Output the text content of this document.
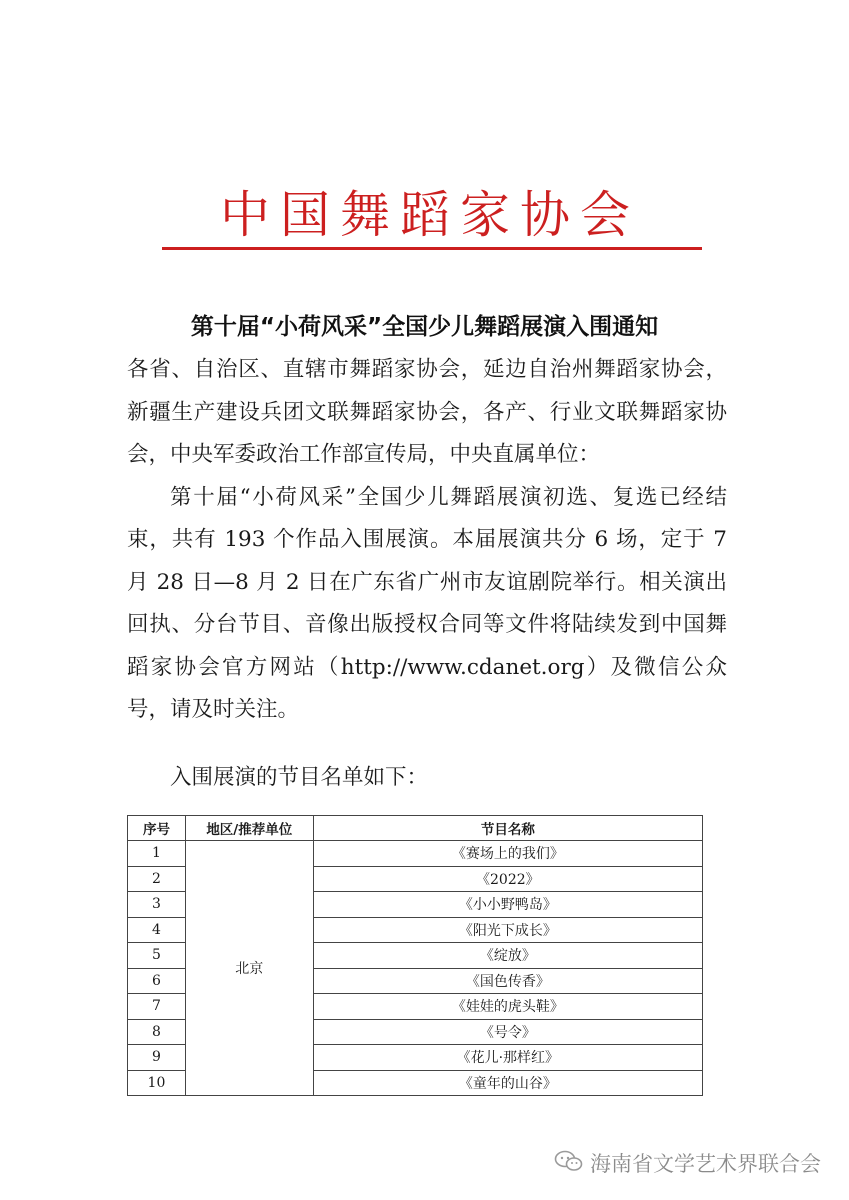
中国舞蹈家协会
第十届“小荷风采”全国少儿舞蹈展演入围通知

各省、自治区、直辖市舞蹈家协会，延边自治州舞蹈家协会，新疆生产建设兵团文联舞蹈家协会，各产、行业文联舞蹈家协会，中央军委政治工作部宣传局，中央直属单位：

第十届“小荷风采”全国少儿舞蹈展演初选、复选已经结束，共有 193 个作品入围展演。本届展演共分 6 场，定于 7 月 28 日—8 月 2 日在广东省广州市友谊剧院举行。相关演出回执、分台节目、音像出版授权合同等文件将陆续发到中国舞蹈家协会官方网站（http://www.cdanet.org）及微信公众号，请及时关注。

入围展演的节目名单如下：
序号	地区/推荐单位	节目名称
1	北京	《赛场上的我们》
2		《2022》
3		《小小野鸭岛》
4		《阳光下成长》
5		《绽放》
6		《国色传香》
7		《娃娃的虎头鞋》
8		《号令》
9		《花儿·那样红》
10		《童年的山谷》
海南省文学艺术界联合会
